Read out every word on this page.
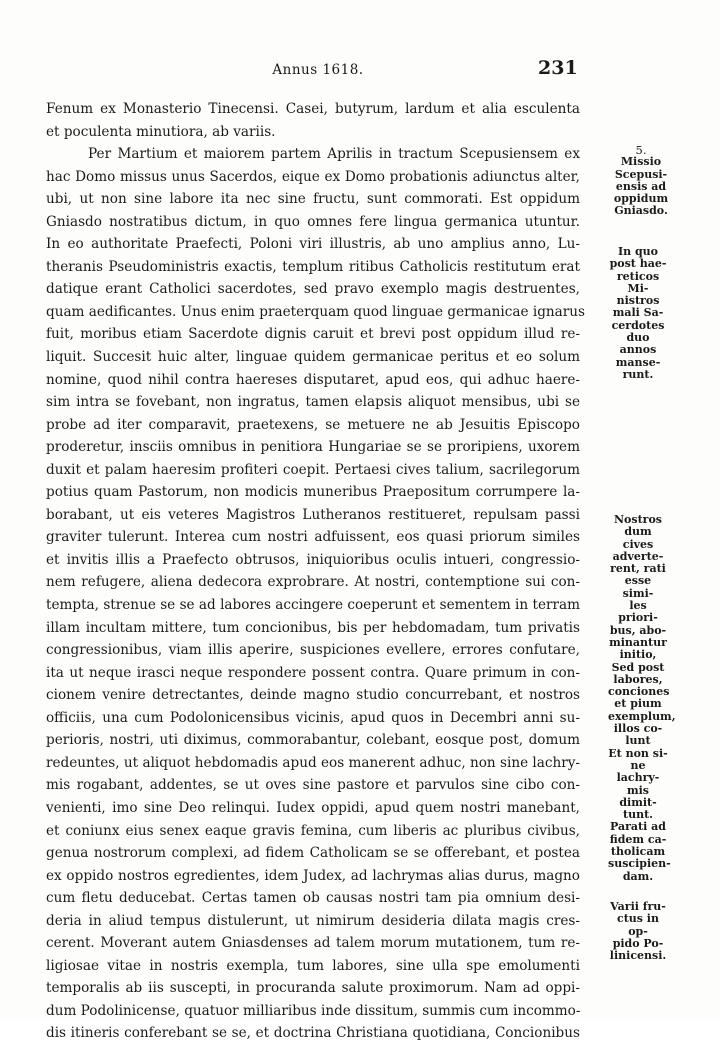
Annus 1618.	231
Fenum ex Monasterio Tinecensi. Casei, butyrum, lardum et alia esculenta
et poculenta minutiora, ab variis.
Per Martium et maiorem partem Aprilis in tractum Scepusiensem ex
hac Domo missus unus Sacerdos, eique ex Domo probationis adiunctus alter,
ubi, ut non sine labore ita nec sine fructu, sunt commorati. Est oppidum
Gniasdo nostratibus dictum, in quo omnes fere lingua germanica utuntur.
In eo authoritate Praefecti, Poloni viri illustris, ab uno amplius anno, Lu-
theranis Pseudoministris exactis, templum ritibus Catholicis restitutum erat
datique erant Catholici sacerdotes, sed pravo exemplo magis destruentes,
quam aedificantes. Unus enim praeterquam quod linguae germanicae ignarus
fuit, moribus etiam Sacerdote dignis caruit et brevi post oppidum illud re-
liquit. Succesit huic alter, linguae quidem germanicae peritus et eo solum
nomine, quod nihil contra haereses disputaret, apud eos, qui adhuc haere-
sim intra se fovebant, non ingratus, tamen elapsis aliquot mensibus, ubi se
probe ad iter comparavit, praetexens, se metuere ne ab Jesuitis Episcopo
proderetur, insciis omnibus in penitiora Hungariae se se proripiens, uxorem
duxit et palam haeresim profiteri coepit. Pertaesi cives talium, sacrilegorum
potius quam Pastorum, non modicis muneribus Praepositum corrumpere la-
borabant, ut eis veteres Magistros Lutheranos restitueret, repulsam passi
graviter tulerunt. Interea cum nostri adfuissent, eos quasi priorum similes
et invitis illis a Praefecto obtrusos, iniquioribus oculis intueri, congressio-
nem refugere, aliena dedecora exprobrare. At nostri, contemptione sui con-
tempta, strenue se se ad labores accingere coeperunt et sementem in terram
illam incultam mittere, tum concionibus, bis per hebdomadam, tum privatis
congressionibus, viam illis aperire, suspiciones evellere, errores confutare,
ita ut neque irasci neque respondere possent contra. Quare primum in con-
cionem venire detrectantes, deinde magno studio concurrebant, et nostros
officiis, una cum Podolonicensibus vicinis, apud quos in Decembri anni su-
perioris, nostri, uti diximus, commorabantur, colebant, eosque post, domum
redeuntes, ut aliquot hebdomadis apud eos manerent adhuc, non sine lachry-
mis rogabant, addentes, se ut oves sine pastore et parvulos sine cibo con-
venienti, imo sine Deo relinqui. Iudex oppidi, apud quem nostri manebant,
et coniunx eius senex eaque gravis femina, cum liberis ac pluribus civibus,
genua nostrorum complexi, ad fidem Catholicam se se offerebant, et postea
ex oppido nostros egredientes, idem Judex, ad lachrymas alias durus, magno
cum fletu deducebat. Certas tamen ob causas nostri tam pia omnium desi-
deria in aliud tempus distulerunt, ut nimirum desideria dilata magis cres-
cerent. Moverant autem Gniasdenses ad talem morum mutationem, tum re-
ligiosae vitae in nostris exempla, tum labores, sine ulla spe emolumenti
temporalis ab iis suscepti, in procuranda salute proximorum. Nam ad oppi-
dum Podolinicense, quatuor milliaribus inde dissitum, summis cum incommo-
dis itineris conferebant se se, et doctrina Christiana quotidiana, Concionibus
5.
Missio
Scepusi-
ensis ad
oppidum
Gniasdo.
In quo
post hae-
reticos Mi-
nistros
mali Sa-
cerdotes
duo annos
manse-
runt.
Nostros
dum cives
adverte-
rent, rati
esse simi-
les priori-
bus, abo-
minantur
initio,
Sed post
labores,
conciones
et pium
exemplum,
illos co-
lunt
Et non si-
ne lachry-
mis dimit-
tunt.
Parati ad
fidem ca-
tholicam
suscipien-
dam.
Varii fru-
ctus in op-
pido Po-
linicensi.
